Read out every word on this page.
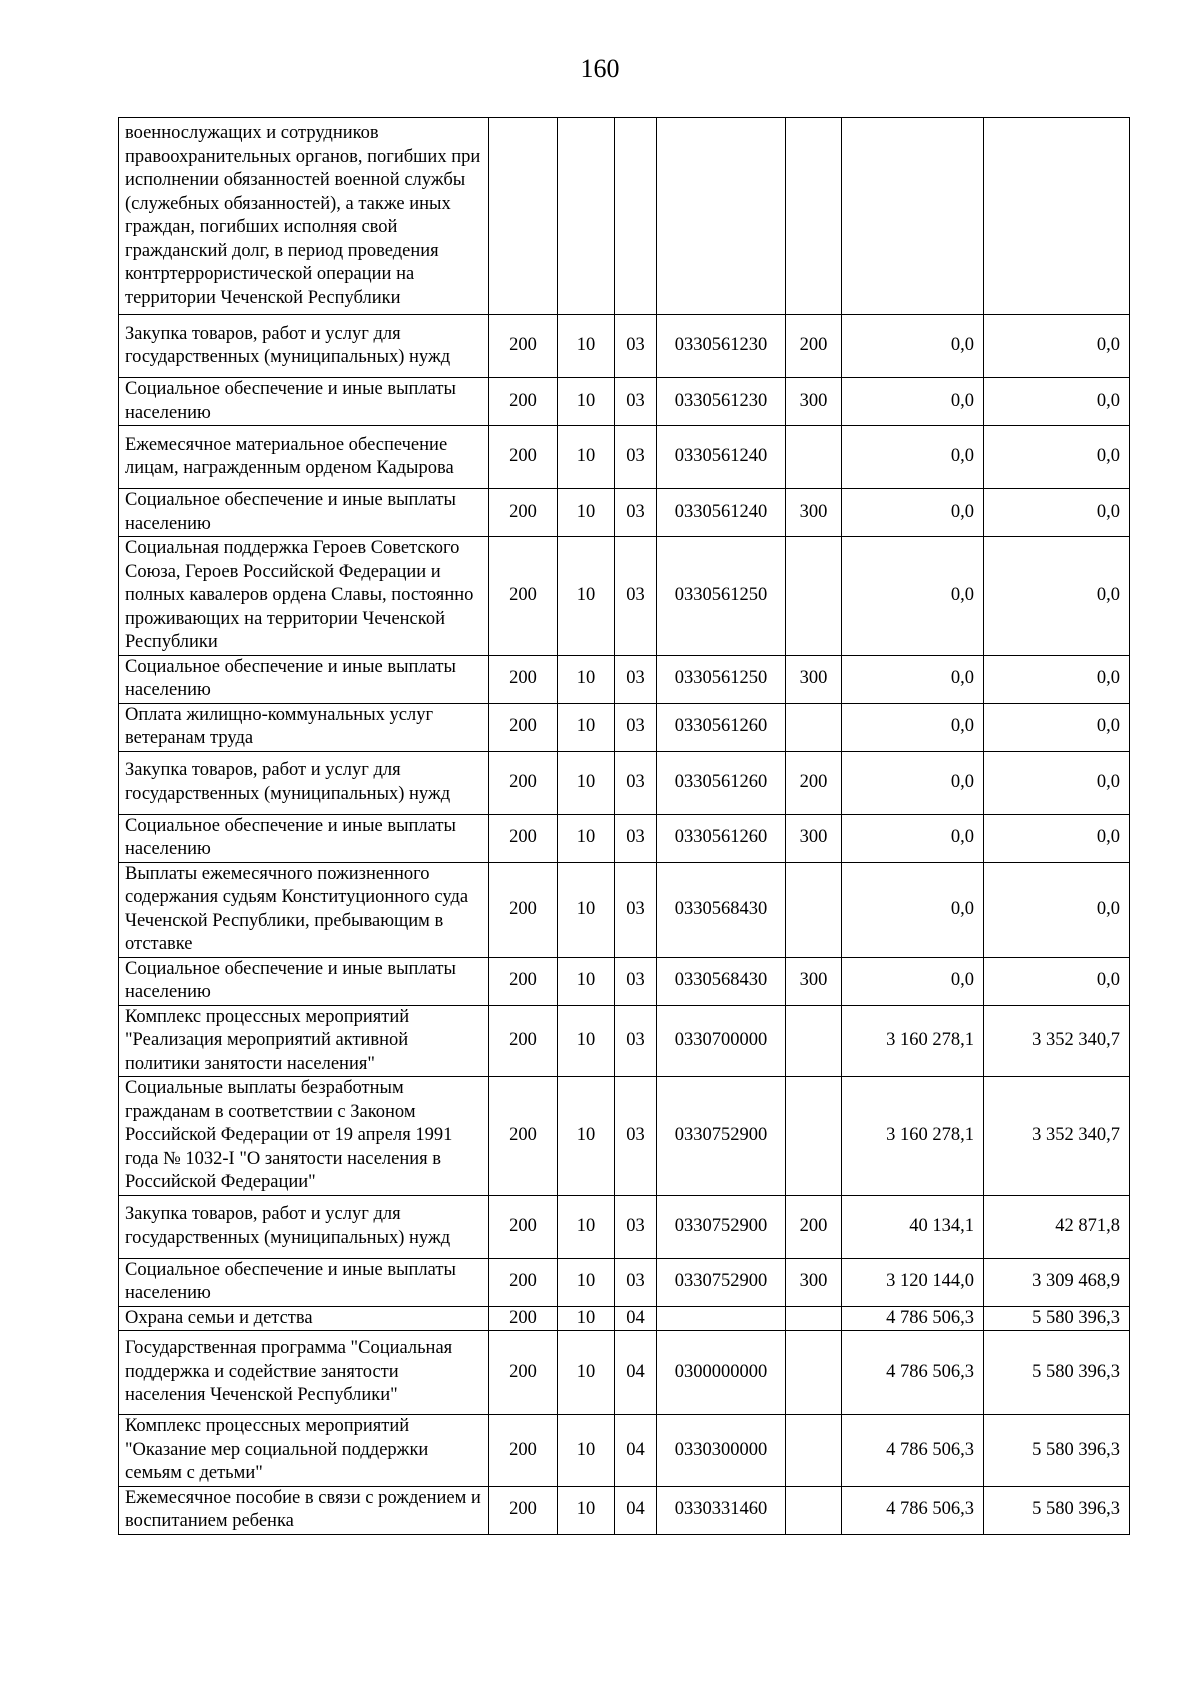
160
военнослужащих и сотрудников правоохранительных органов, погибших при исполнении обязанностей военной службы (служебных обязанностей), а также иных граждан, погибших исполняя свой гражданский долг, в период проведения контртеррористической операции на территории Чеченской Республики							
Закупка товаров, работ и услуг для государственных (муниципальных) нужд	200	10	03	0330561230	200	0,0	0,0
Социальное обеспечение и иные выплаты населению	200	10	03	0330561230	300	0,0	0,0
Ежемесячное материальное обеспечение лицам, награжденным орденом Кадырова	200	10	03	0330561240		0,0	0,0
Социальное обеспечение и иные выплаты населению	200	10	03	0330561240	300	0,0	0,0
Социальная поддержка Героев Советского Союза, Героев Российской Федерации и полных кавалеров ордена Славы, постоянно проживающих на территории Чеченской Республики	200	10	03	0330561250		0,0	0,0
Социальное обеспечение и иные выплаты населению	200	10	03	0330561250	300	0,0	0,0
Оплата жилищно-коммунальных услуг ветеранам труда	200	10	03	0330561260		0,0	0,0
Закупка товаров, работ и услуг для государственных (муниципальных) нужд	200	10	03	0330561260	200	0,0	0,0
Социальное обеспечение и иные выплаты населению	200	10	03	0330561260	300	0,0	0,0
Выплаты ежемесячного пожизненного содержания судьям Конституционного суда Чеченской Республики, пребывающим в отставке	200	10	03	0330568430		0,0	0,0
Социальное обеспечение и иные выплаты населению	200	10	03	0330568430	300	0,0	0,0
Комплекс процессных мероприятий "Реализация мероприятий активной политики занятости населения"	200	10	03	0330700000		3 160 278,1	3 352 340,7
Социальные выплаты безработным гражданам в соответствии с Законом Российской Федерации от 19 апреля 1991 года № 1032-I "О занятости населения в Российской Федерации"	200	10	03	0330752900		3 160 278,1	3 352 340,7
Закупка товаров, работ и услуг для государственных (муниципальных) нужд	200	10	03	0330752900	200	40 134,1	42 871,8
Социальное обеспечение и иные выплаты населению	200	10	03	0330752900	300	3 120 144,0	3 309 468,9
Охрана семьи и детства	200	10	04			4 786 506,3	5 580 396,3
Государственная программа "Социальная поддержка и содействие занятости населения Чеченской Республики"	200	10	04	0300000000		4 786 506,3	5 580 396,3
Комплекс процессных мероприятий "Оказание мер социальной поддержки семьям с детьми"	200	10	04	0330300000		4 786 506,3	5 580 396,3
Ежемесячное пособие в связи с рождением и воспитанием ребенка	200	10	04	0330331460		4 786 506,3	5 580 396,3
